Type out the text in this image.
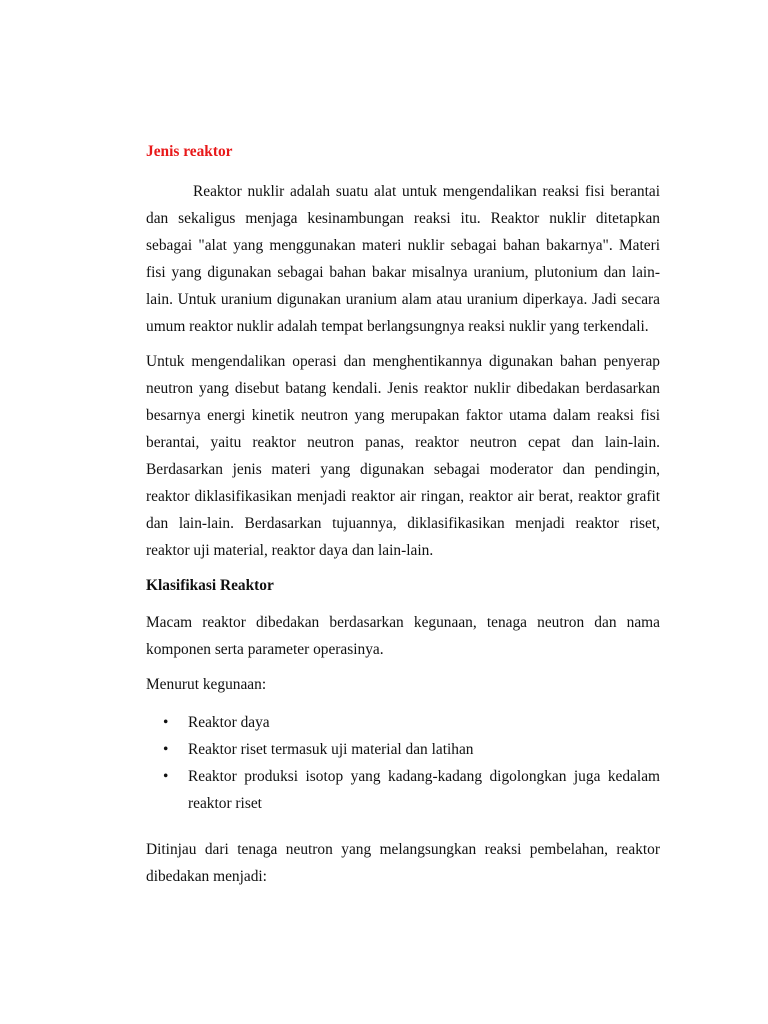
Jenis reaktor

Reaktor nuklir adalah suatu alat untuk mengendalikan reaksi fisi berantai dan sekaligus menjaga kesinambungan reaksi itu. Reaktor nuklir ditetapkan sebagai "alat yang menggunakan materi nuklir sebagai bahan bakarnya". Materi fisi yang digunakan sebagai bahan bakar misalnya uranium, plutonium dan lain-lain. Untuk uranium digunakan uranium alam atau uranium diperkaya. Jadi secara umum reaktor nuklir adalah tempat berlangsungnya reaksi nuklir yang terkendali.

Untuk mengendalikan operasi dan menghentikannya digunakan bahan penyerap neutron yang disebut batang kendali. Jenis reaktor nuklir dibedakan berdasarkan besarnya energi kinetik neutron yang merupakan faktor utama dalam reaksi fisi berantai, yaitu reaktor neutron panas, reaktor neutron cepat dan lain-lain. Berdasarkan jenis materi yang digunakan sebagai moderator dan pendingin, reaktor diklasifikasikan menjadi reaktor air ringan, reaktor air berat, reaktor grafit dan lain-lain. Berdasarkan tujuannya, diklasifikasikan menjadi reaktor riset, reaktor uji material, reaktor daya dan lain-lain.

Klasifikasi Reaktor

Macam reaktor dibedakan berdasarkan kegunaan, tenaga neutron dan nama komponen serta parameter operasinya.

Menurut kegunaan:

• Reaktor daya
• Reaktor riset termasuk uji material dan latihan
• Reaktor produksi isotop yang kadang-kadang digolongkan juga kedalam reaktor riset

Ditinjau dari tenaga neutron yang melangsungkan reaksi pembelahan, reaktor dibedakan menjadi:
